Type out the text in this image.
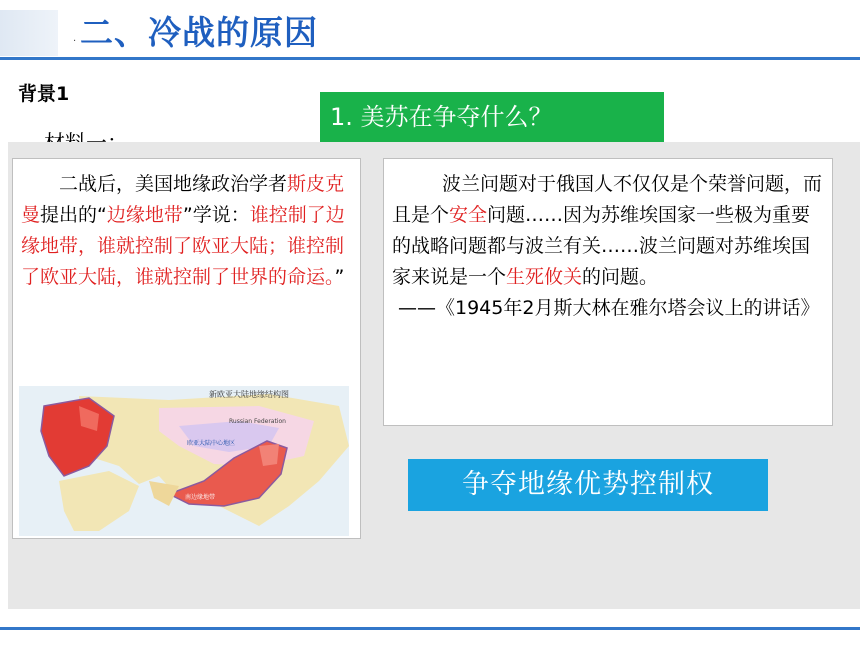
· 二、冷战的原因
背景1
1. 美苏在争夺什么？
二战后，美国地缘政治学者斯皮克曼提出的“边缘地带”学说：谁控制了边缘地带，谁就控制了欧亚大陆；谁控制了欧亚大陆，谁就控制了世界的命运。”
新欧亚大陆地缘结构图
Russian Federation
欧亚大陆中心地区
南边缘地带
波兰问题对于俄国人不仅仅是个荣誉问题，而且是个安全问题……因为苏维埃国家一些极为重要的战略问题都与波兰有关……波兰问题对苏维埃国家来说是一个生死攸关的问题。
——《1945年2月斯大林在雅尔塔会议上的讲话》
争夺地缘优势控制权
